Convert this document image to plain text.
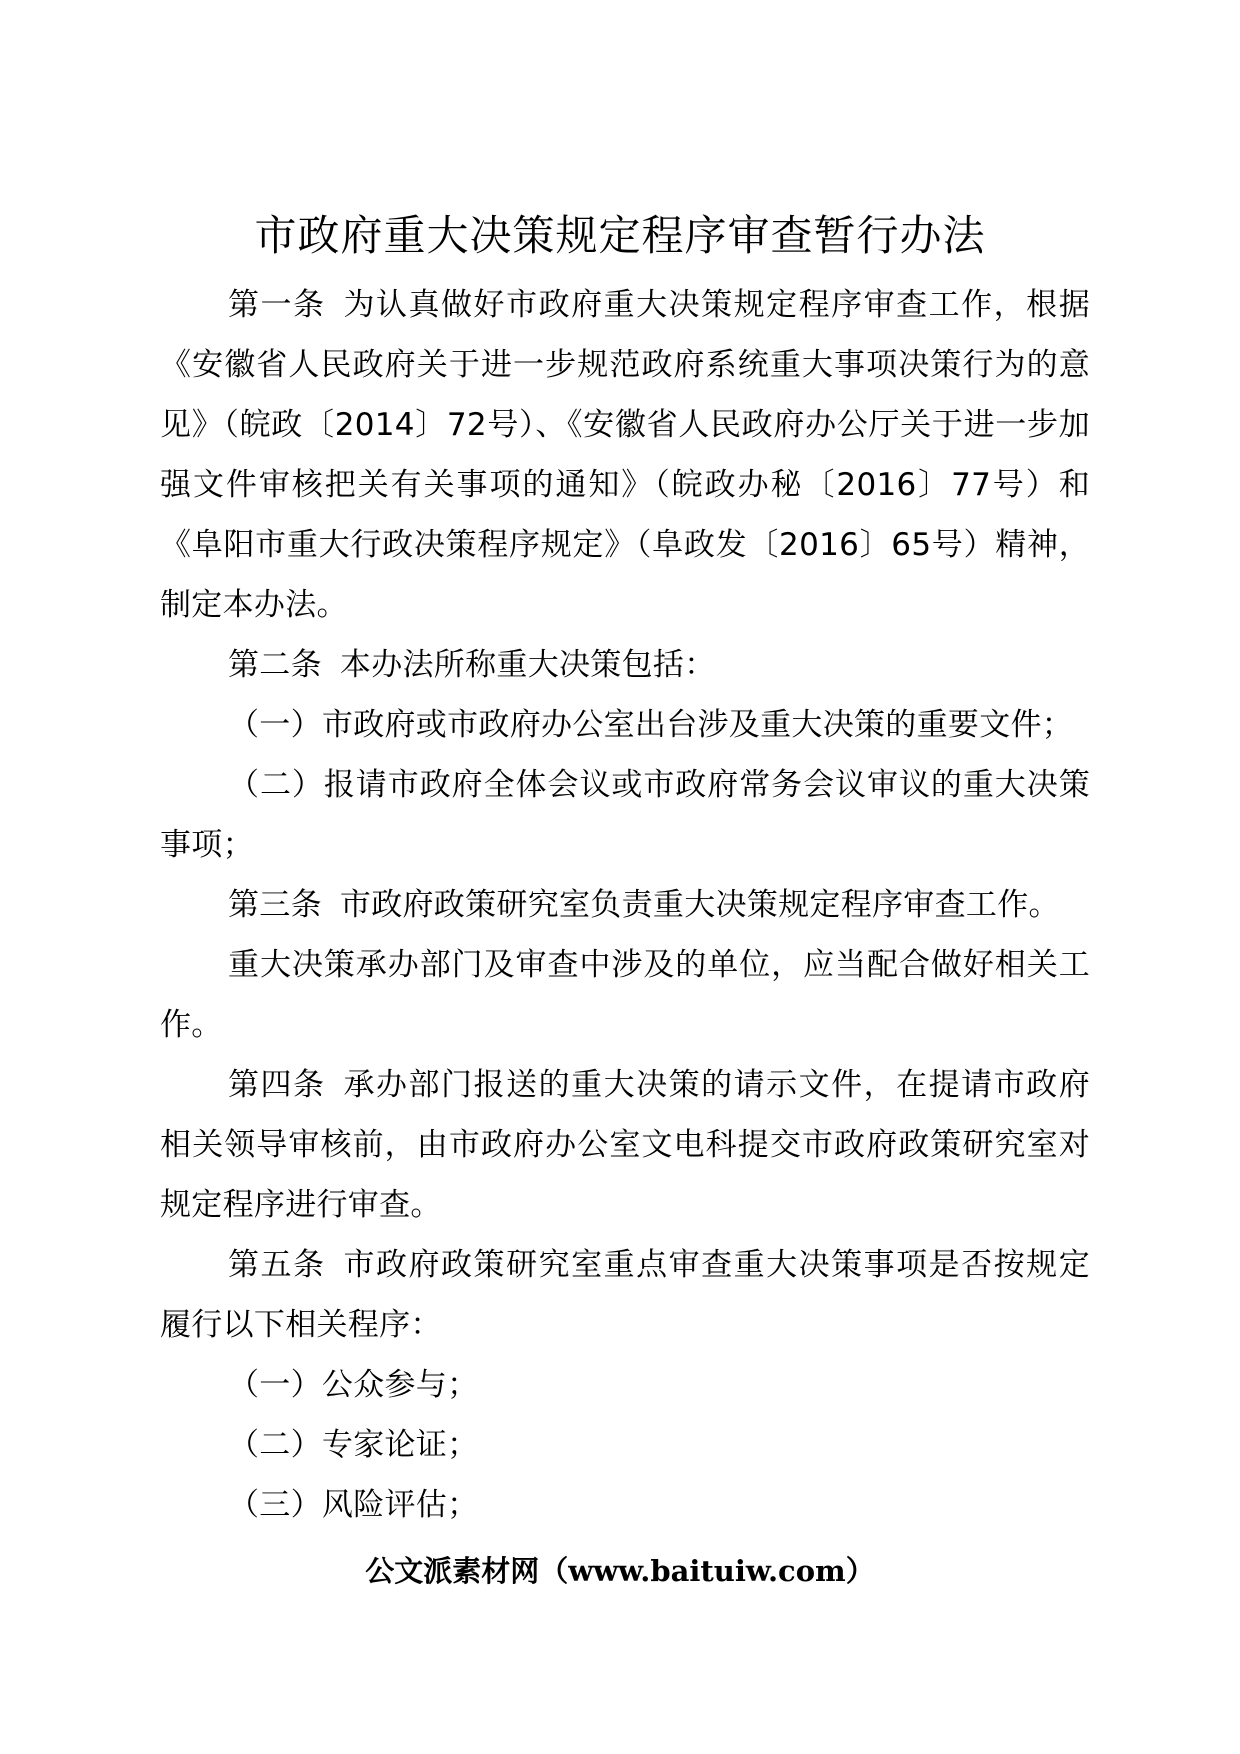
市政府重大决策规定程序审查暂行办法

第一条 为认真做好市政府重大决策规定程序审查工作，根据《安徽省人民政府关于进一步规范政府系统重大事项决策行为的意见》（皖政〔2014〕72号）、《安徽省人民政府办公厅关于进一步加强文件审核把关有关事项的通知》（皖政办秘〔2016〕77号）和《阜阳市重大行政决策程序规定》（阜政发〔2016〕65号）精神，制定本办法。

第二条 本办法所称重大决策包括：

（一）市政府或市政府办公室出台涉及重大决策的重要文件；

（二）报请市政府全体会议或市政府常务会议审议的重大决策事项；

第三条 市政府政策研究室负责重大决策规定程序审查工作。

重大决策承办部门及审查中涉及的单位，应当配合做好相关工作。

第四条 承办部门报送的重大决策的请示文件，在提请市政府相关领导审核前，由市政府办公室文电科提交市政府政策研究室对规定程序进行审查。

第五条 市政府政策研究室重点审查重大决策事项是否按规定履行以下相关程序：

（一）公众参与；

（二）专家论证；

（三）风险评估；

公文派素材网（www.baituiw.com）
